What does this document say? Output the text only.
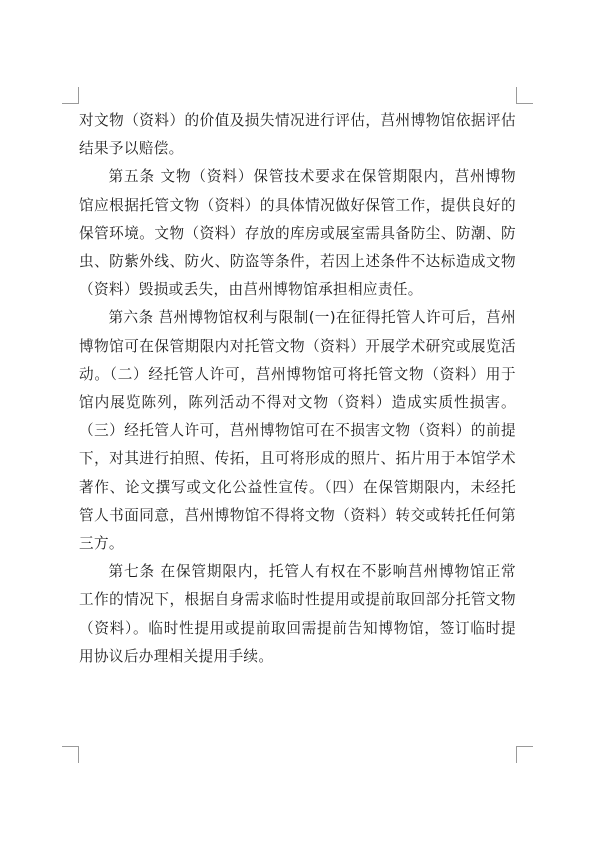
对文物（资料）的价值及损失情况进行评估，莒州博物馆依据评估结果予以赔偿。

第五条 文物（资料）保管技术要求在保管期限内，莒州博物馆应根据托管文物（资料）的具体情况做好保管工作，提供良好的保管环境。文物（资料）存放的库房或展室需具备防尘、防潮、防虫、防紫外线、防火、防盗等条件，若因上述条件不达标造成文物（资料）毁损或丢失，由莒州博物馆承担相应责任。

第六条 莒州博物馆权利与限制(一)在征得托管人许可后，莒州博物馆可在保管期限内对托管文物（资料）开展学术研究或展览活动。（二）经托管人许可，莒州博物馆可将托管文物（资料）用于馆内展览陈列，陈列活动不得对文物（资料）造成实质性损害。（三）经托管人许可，莒州博物馆可在不损害文物（资料）的前提下，对其进行拍照、传拓，且可将形成的照片、拓片用于本馆学术著作、论文撰写或文化公益性宣传。（四）在保管期限内，未经托管人书面同意，莒州博物馆不得将文物（资料）转交或转托任何第三方。

第七条 在保管期限内，托管人有权在不影响莒州博物馆正常工作的情况下，根据自身需求临时性提用或提前取回部分托管文物（资料）。临时性提用或提前取回需提前告知博物馆，签订临时提用协议后办理相关提用手续。
